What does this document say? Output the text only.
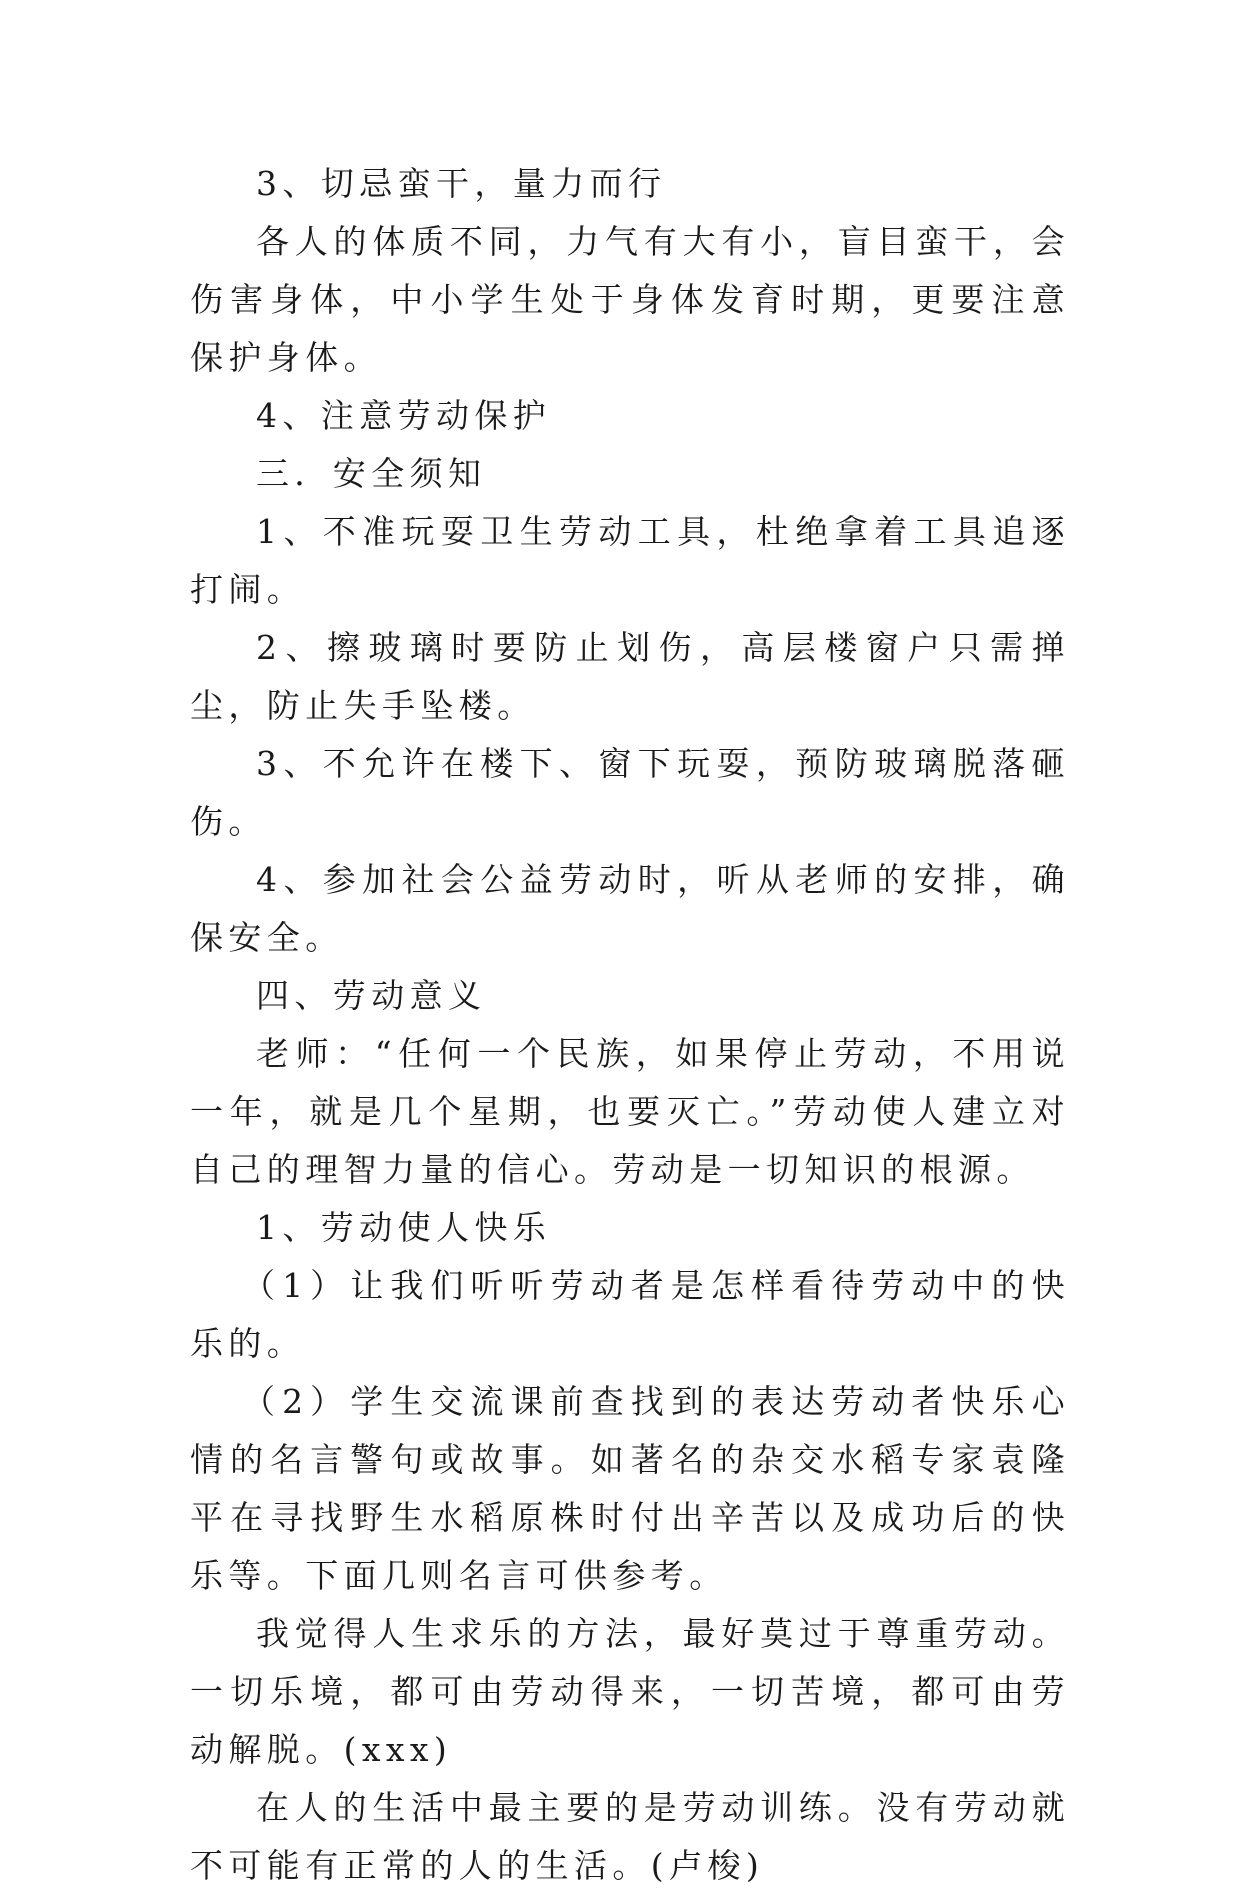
3、切忌蛮干，量力而行

各人的体质不同，力气有大有小，盲目蛮干，会伤害身体，中小学生处于身体发育时期，更要注意保护身体。

4、注意劳动保护

三．安全须知

1、不准玩耍卫生劳动工具，杜绝拿着工具追逐打闹。

2、擦玻璃时要防止划伤，高层楼窗户只需掸尘，防止失手坠楼。

3、不允许在楼下、窗下玩耍，预防玻璃脱落砸伤。

4、参加社会公益劳动时，听从老师的安排，确保安全。

四、劳动意义

老师：“任何一个民族，如果停止劳动，不用说一年，就是几个星期，也要灭亡。”劳动使人建立对自己的理智力量的信心。劳动是一切知识的根源。

1、劳动使人快乐

（1）让我们听听劳动者是怎样看待劳动中的快乐的。

（2）学生交流课前查找到的表达劳动者快乐心情的名言警句或故事。如著名的杂交水稻专家袁隆平在寻找野生水稻原株时付出辛苦以及成功后的快乐等。下面几则名言可供参考。

我觉得人生求乐的方法，最好莫过于尊重劳动。一切乐境，都可由劳动得来，一切苦境，都可由劳动解脱。(xxx)

在人的生活中最主要的是劳动训练。没有劳动就不可能有正常的人的生活。(卢梭)
